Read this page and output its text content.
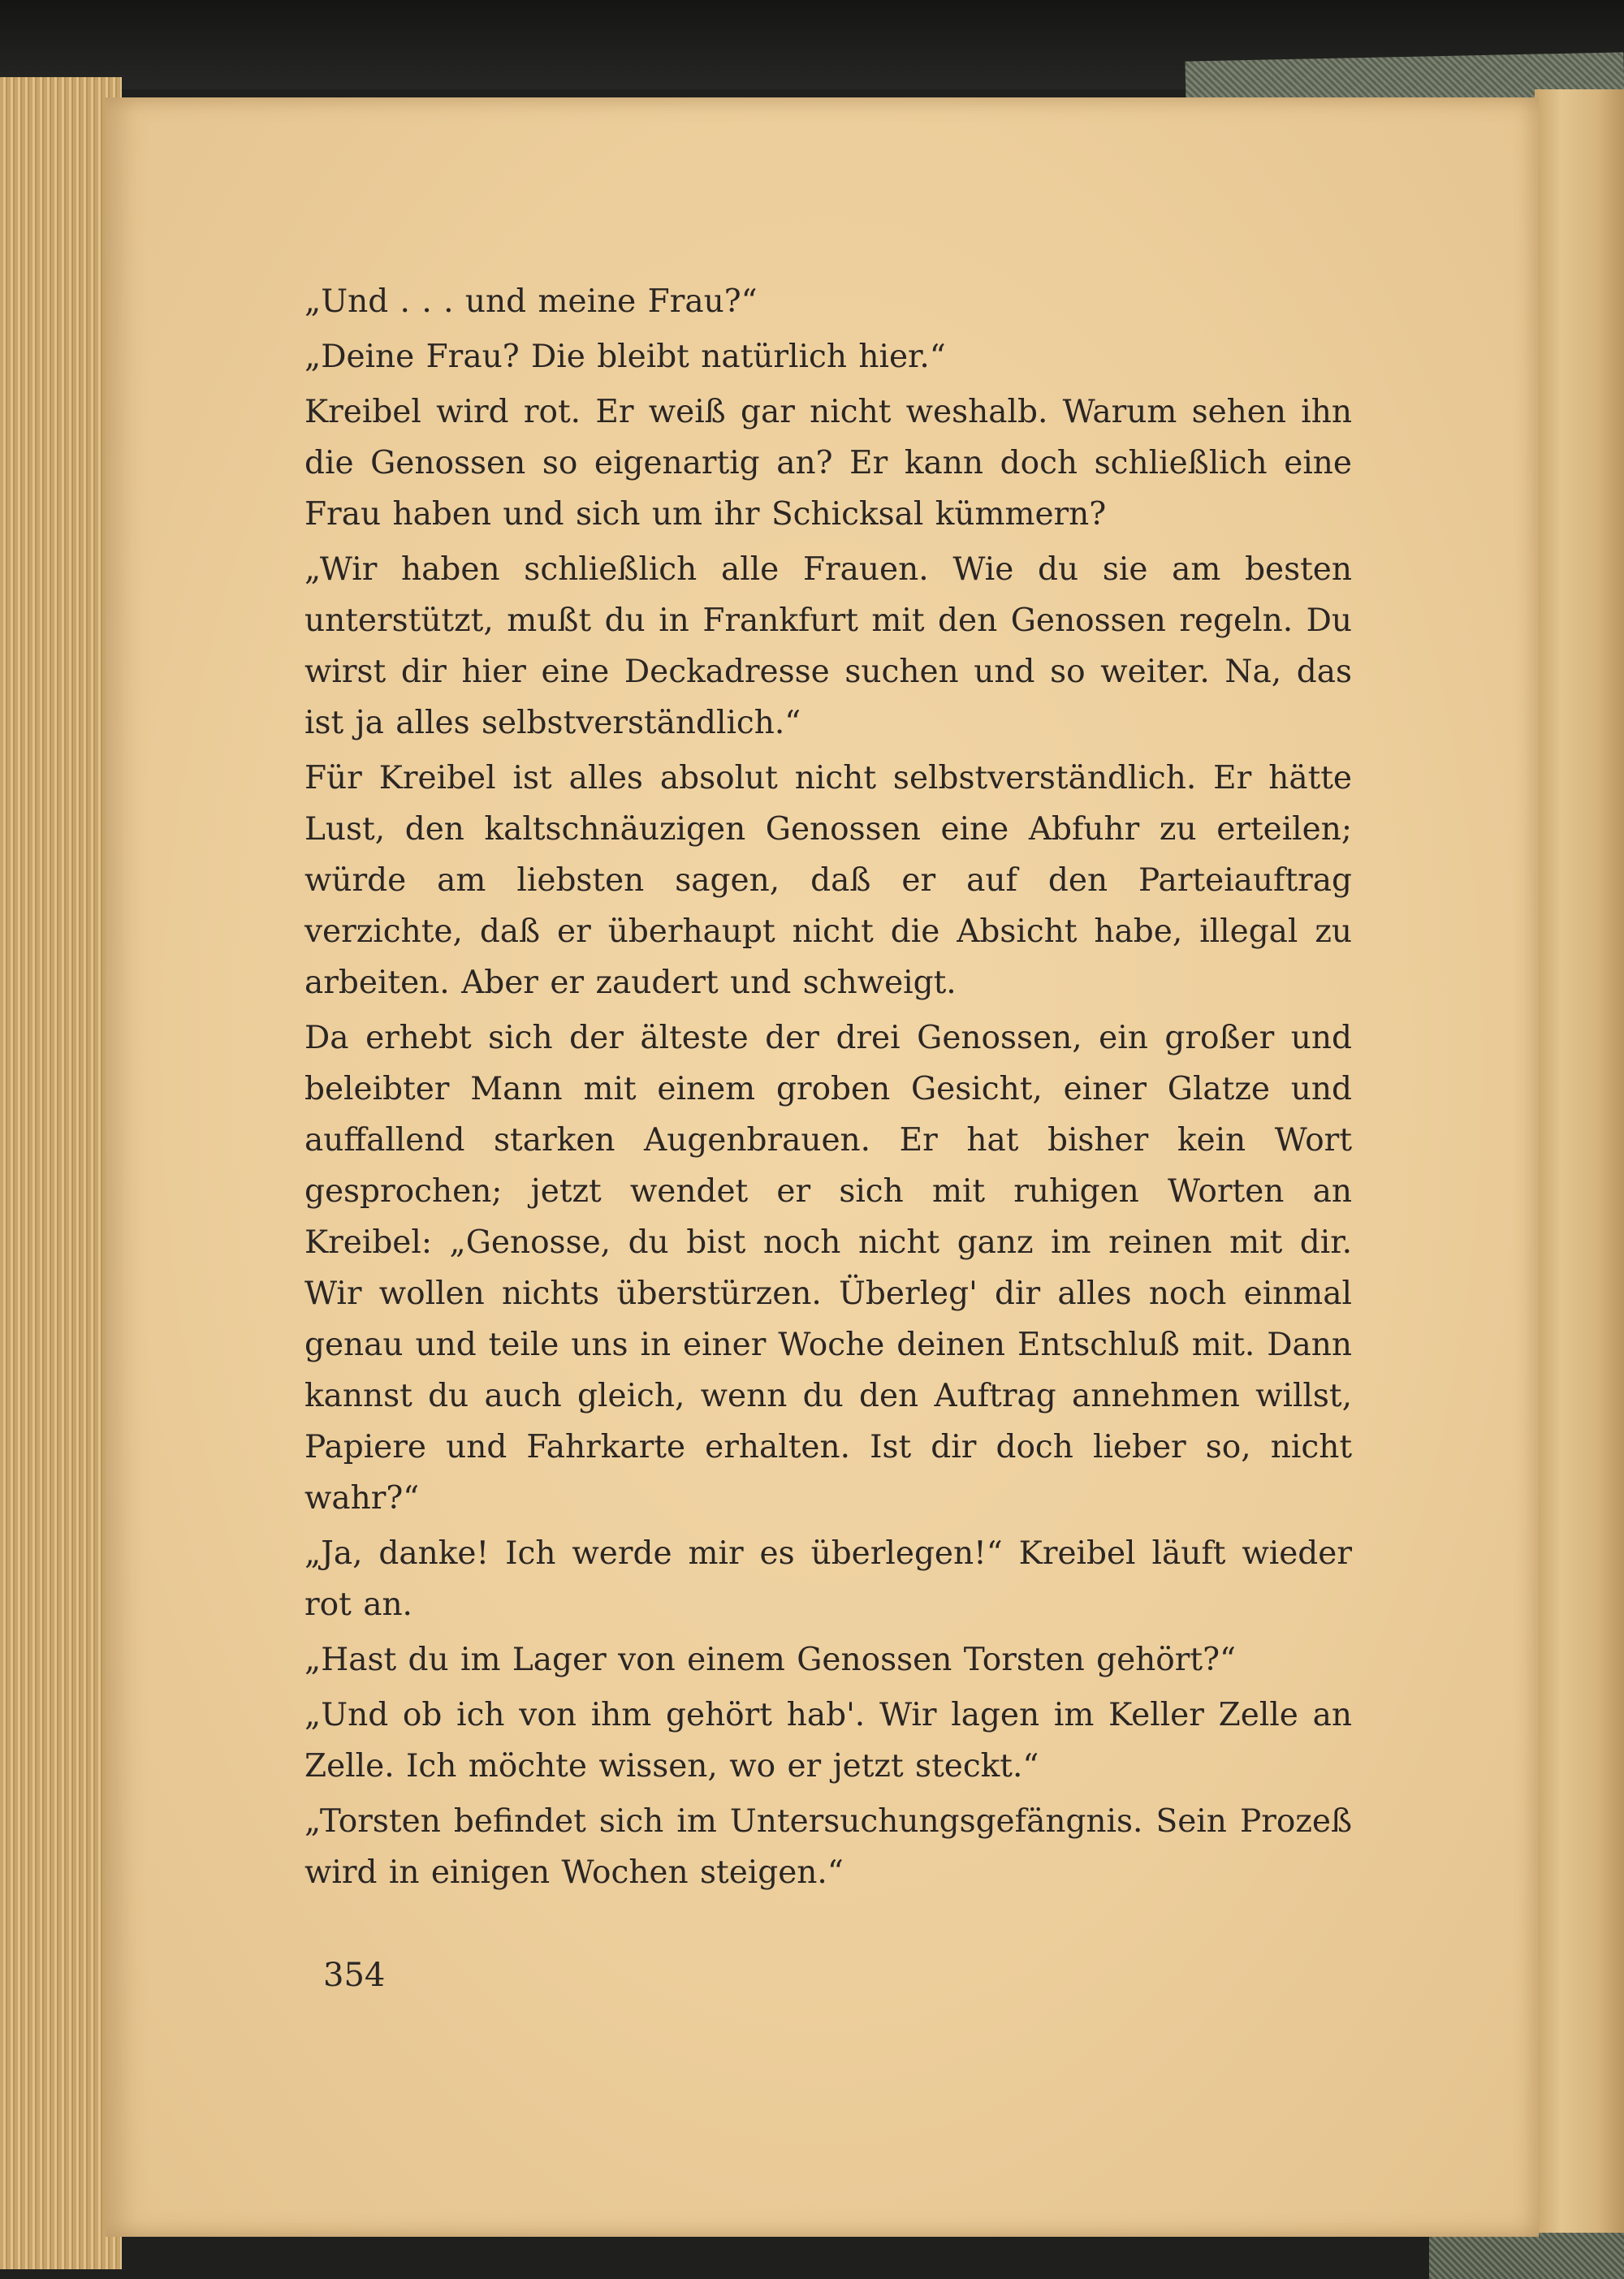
„Und . . . und meine Frau?“

„Deine Frau? Die bleibt natürlich hier.“

Kreibel wird rot. Er weiß gar nicht weshalb. Warum sehen ihn die Genossen so eigenartig an? Er kann doch schließlich eine Frau haben und sich um ihr Schicksal kümmern?

„Wir haben schließlich alle Frauen. Wie du sie am besten unterstützt, mußt du in Frankfurt mit den Genossen regeln. Du wirst dir hier eine Deckadresse suchen und so weiter. Na, das ist ja alles selbstverständlich.“

Für Kreibel ist alles absolut nicht selbstverständlich. Er hätte Lust, den kaltschnäuzigen Genossen eine Abfuhr zu erteilen; würde am liebsten sagen, daß er auf den Parteiauftrag verzichte, daß er überhaupt nicht die Absicht habe, illegal zu arbeiten. Aber er zaudert und schweigt.

Da erhebt sich der älteste der drei Genossen, ein großer und beleibter Mann mit einem groben Gesicht, einer Glatze und auffallend starken Augenbrauen. Er hat bisher kein Wort gesprochen; jetzt wendet er sich mit ruhigen Worten an Kreibel: „Genosse, du bist noch nicht ganz im reinen mit dir. Wir wollen nichts überstürzen. Überleg' dir alles noch einmal genau und teile uns in einer Woche deinen Entschluß mit. Dann kannst du auch gleich, wenn du den Auftrag annehmen willst, Papiere und Fahrkarte erhalten. Ist dir doch lieber so, nicht wahr?“

„Ja, danke! Ich werde mir es überlegen!“ Kreibel läuft wieder rot an.

„Hast du im Lager von einem Genossen Torsten gehört?“

„Und ob ich von ihm gehört hab'. Wir lagen im Keller Zelle an Zelle. Ich möchte wissen, wo er jetzt steckt.“

„Torsten befindet sich im Untersuchungsgefängnis. Sein Prozeß wird in einigen Wochen steigen.“

354
